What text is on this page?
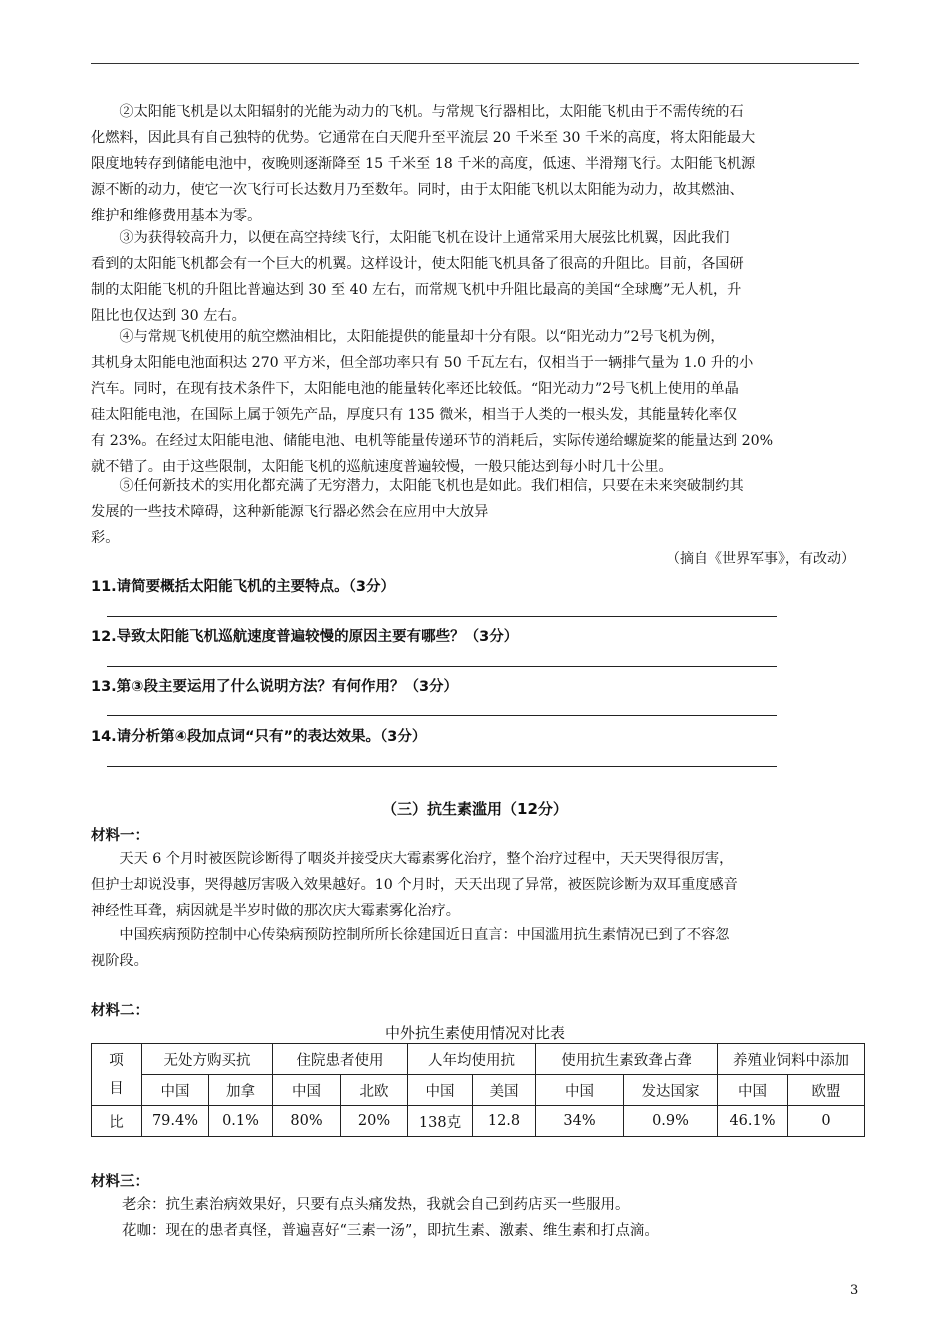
②太阳能飞机是以太阳辐射的光能为动力的飞机。与常规飞行器相比，太阳能飞机由于不需传统的石
化燃料，因此具有自己独特的优势。它通常在白天爬升至平流层 20 千米至 30 千米的高度，将太阳能最大
限度地转存到储能电池中，夜晚则逐渐降至 15 千米至 18 千米的高度，低速、半滑翔飞行。太阳能飞机源
源不断的动力，使它一次飞行可长达数月乃至数年。同时，由于太阳能飞机以太阳能为动力，故其燃油、
维护和维修费用基本为零。
③为获得较高升力，以便在高空持续飞行，太阳能飞机在设计上通常采用大展弦比机翼，因此我们
看到的太阳能飞机都会有一个巨大的机翼。这样设计，使太阳能飞机具备了很高的升阻比。目前，各国研
制的太阳能飞机的升阻比普遍达到 30 至 40 左右，而常规飞机中升阻比最高的美国“全球鹰”无人机，升
阻比也仅达到 30 左右。
④与常规飞机使用的航空燃油相比，太阳能提供的能量却十分有限。以“阳光动力”2号飞机为例，
其机身太阳能电池面积达 270 平方米，但全部功率只有 50 千瓦左右，仅相当于一辆排气量为 1.0 升的小
汽车。同时，在现有技术条件下，太阳能电池的能量转化率还比较低。“阳光动力”2号飞机上使用的单晶
硅太阳能电池，在国际上属于领先产品，厚度只有 135 微米，相当于人类的一根头发，其能量转化率仅
有 23%。在经过太阳能电池、储能电池、电机等能量传递环节的消耗后，实际传递给螺旋桨的能量达到 20%
就不错了。由于这些限制，太阳能飞机的巡航速度普遍较慢，一般只能达到每小时几十公里。
⑤任何新技术的实用化都充满了无穷潜力，太阳能飞机也是如此。我们相信，只要在未来突破制约其
发展的一些技术障碍，这种新能源飞行器必然会在应用中大放异
彩。
（摘自《世界军事》，有改动）
11.请简要概括太阳能飞机的主要特点。（3分）
12.导致太阳能飞机巡航速度普遍较慢的原因主要有哪些？（3分）
13.第③段主要运用了什么说明方法？有何作用？（3分）
14.请分析第④段加点词“只有”的表达效果。（3分）
（三）抗生素滥用（12分）
材料一：
天天 6 个月时被医院诊断得了咽炎并接受庆大霉素雾化治疗，整个治疗过程中，天天哭得很厉害，
但护士却说没事，哭得越厉害吸入效果越好。10 个月时，天天出现了异常，被医院诊断为双耳重度感音
神经性耳聋，病因就是半岁时做的那次庆大霉素雾化治疗。
中国疾病预防控制中心传染病预防控制所所长徐建国近日直言：中国滥用抗生素情况已到了不容忽
视阶段。
材料二：
中外抗生素使用情况对比表
项
目	无处方购买抗		住院患者使用		人年均使用抗		使用抗生素致聋占聋		养殖业饲料中添加	
	中国	加拿	中国	北欧	中国	美国	中国	发达国家	中国	欧盟
比	79.4%	0.1%	80%	20%	138克	12.8	34%	0.9%	46.1%	0
材料三：
老余：抗生素治病效果好，只要有点头痛发热，我就会自己到药店买一些服用。
花咖：现在的患者真怪，普遍喜好“三素一汤”，即抗生素、激素、维生素和打点滴。
3
